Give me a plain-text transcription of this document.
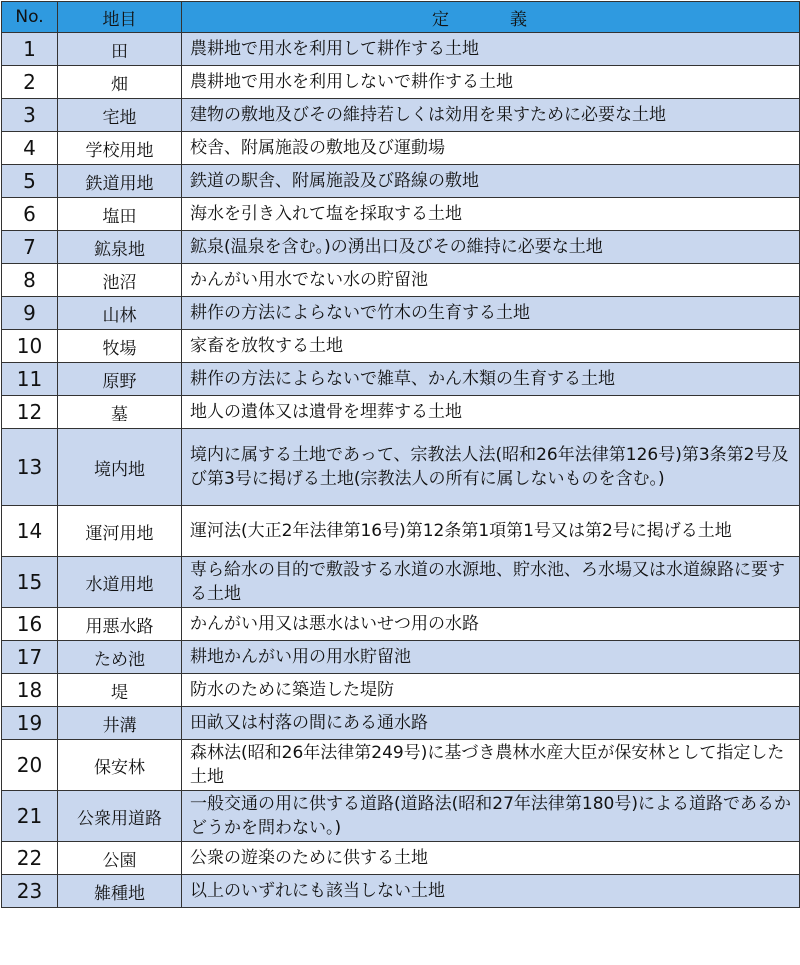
No.	地目	定　義
1	田	農耕地で用水を利用して耕作する土地
2	畑	農耕地で用水を利用しないで耕作する土地
3	宅地	建物の敷地及びその維持若しくは効用を果すために必要な土地
4	学校用地	校舎、附属施設の敷地及び運動場
5	鉄道用地	鉄道の駅舎、附属施設及び路線の敷地
6	塩田	海水を引き入れて塩を採取する土地
7	鉱泉地	鉱泉(温泉を含む。)の湧出口及びその維持に必要な土地
8	池沼	かんがい用水でない水の貯留池
9	山林	耕作の方法によらないで竹木の生育する土地
10	牧場	家畜を放牧する土地
11	原野	耕作の方法によらないで雑草、かん木類の生育する土地
12	墓	地人の遺体又は遺骨を埋葬する土地
13	境内地	境内に属する土地であって、宗教法人法(昭和26年法律第126号)第3条第2号及び第3号に掲げる土地(宗教法人の所有に属しないものを含む。)
14	運河用地	運河法(大正2年法律第16号)第12条第1項第1号又は第2号に掲げる土地
15	水道用地	専ら給水の目的で敷設する水道の水源地、貯水池、ろ水場又は水道線路に要する土地
16	用悪水路	かんがい用又は悪水はいせつ用の水路
17	ため池	耕地かんがい用の用水貯留池
18	堤	防水のために築造した堤防
19	井溝	田畝又は村落の間にある通水路
20	保安林	森林法(昭和26年法律第249号)に基づき農林水産大臣が保安林として指定した土地
21	公衆用道路	一般交通の用に供する道路(道路法(昭和27年法律第180号)による道路であるかどうかを問わない。)
22	公園	公衆の遊楽のために供する土地
23	雑種地	以上のいずれにも該当しない土地
